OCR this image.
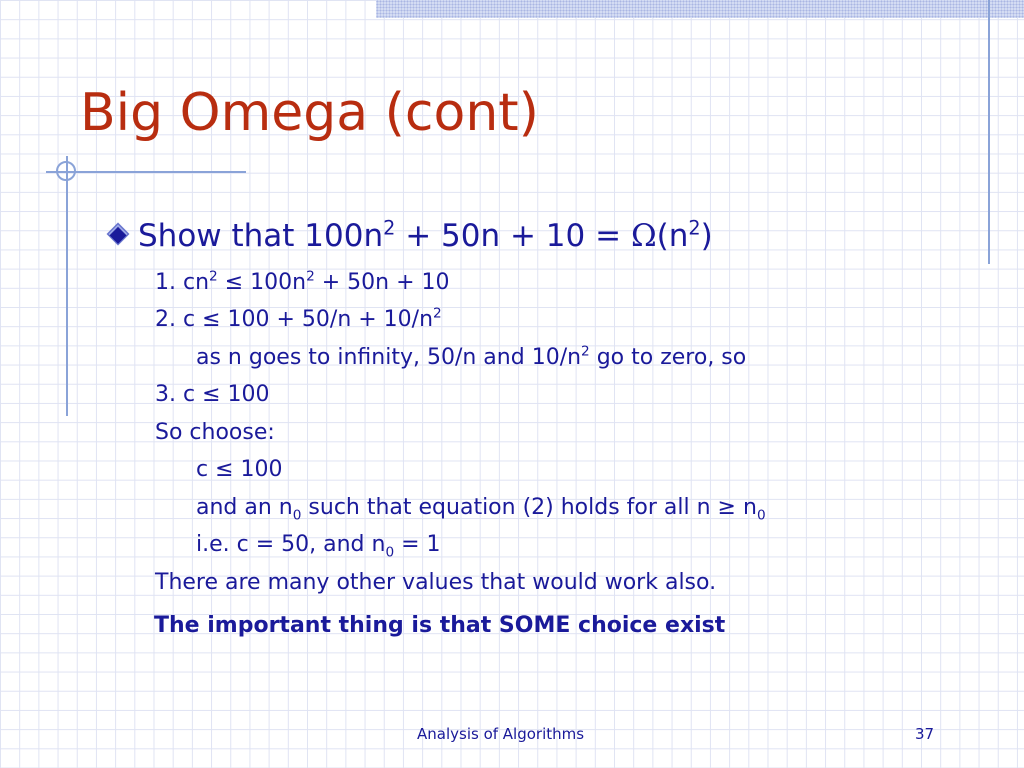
Big Omega (cont)
Show that $100n^2 + 50n + 10 = \Omega(n^2)$
1. $cn^2 \le 100n^2 + 50n + 10$
2. $c \le 100 + 50/n + 10/n^2$
as n goes to infinity, 50/n and $10/n^2$ go to zero, so
3. c ≤ 100
So choose:
c ≤ 100
and an $n_0$ such that equation (2) holds for all $n \ge n_0$
i.e. c = 50, and $n_0 = 1$
There are many other values that would work also.
The important thing is that SOME choice exist
Analysis of Algorithms	37
